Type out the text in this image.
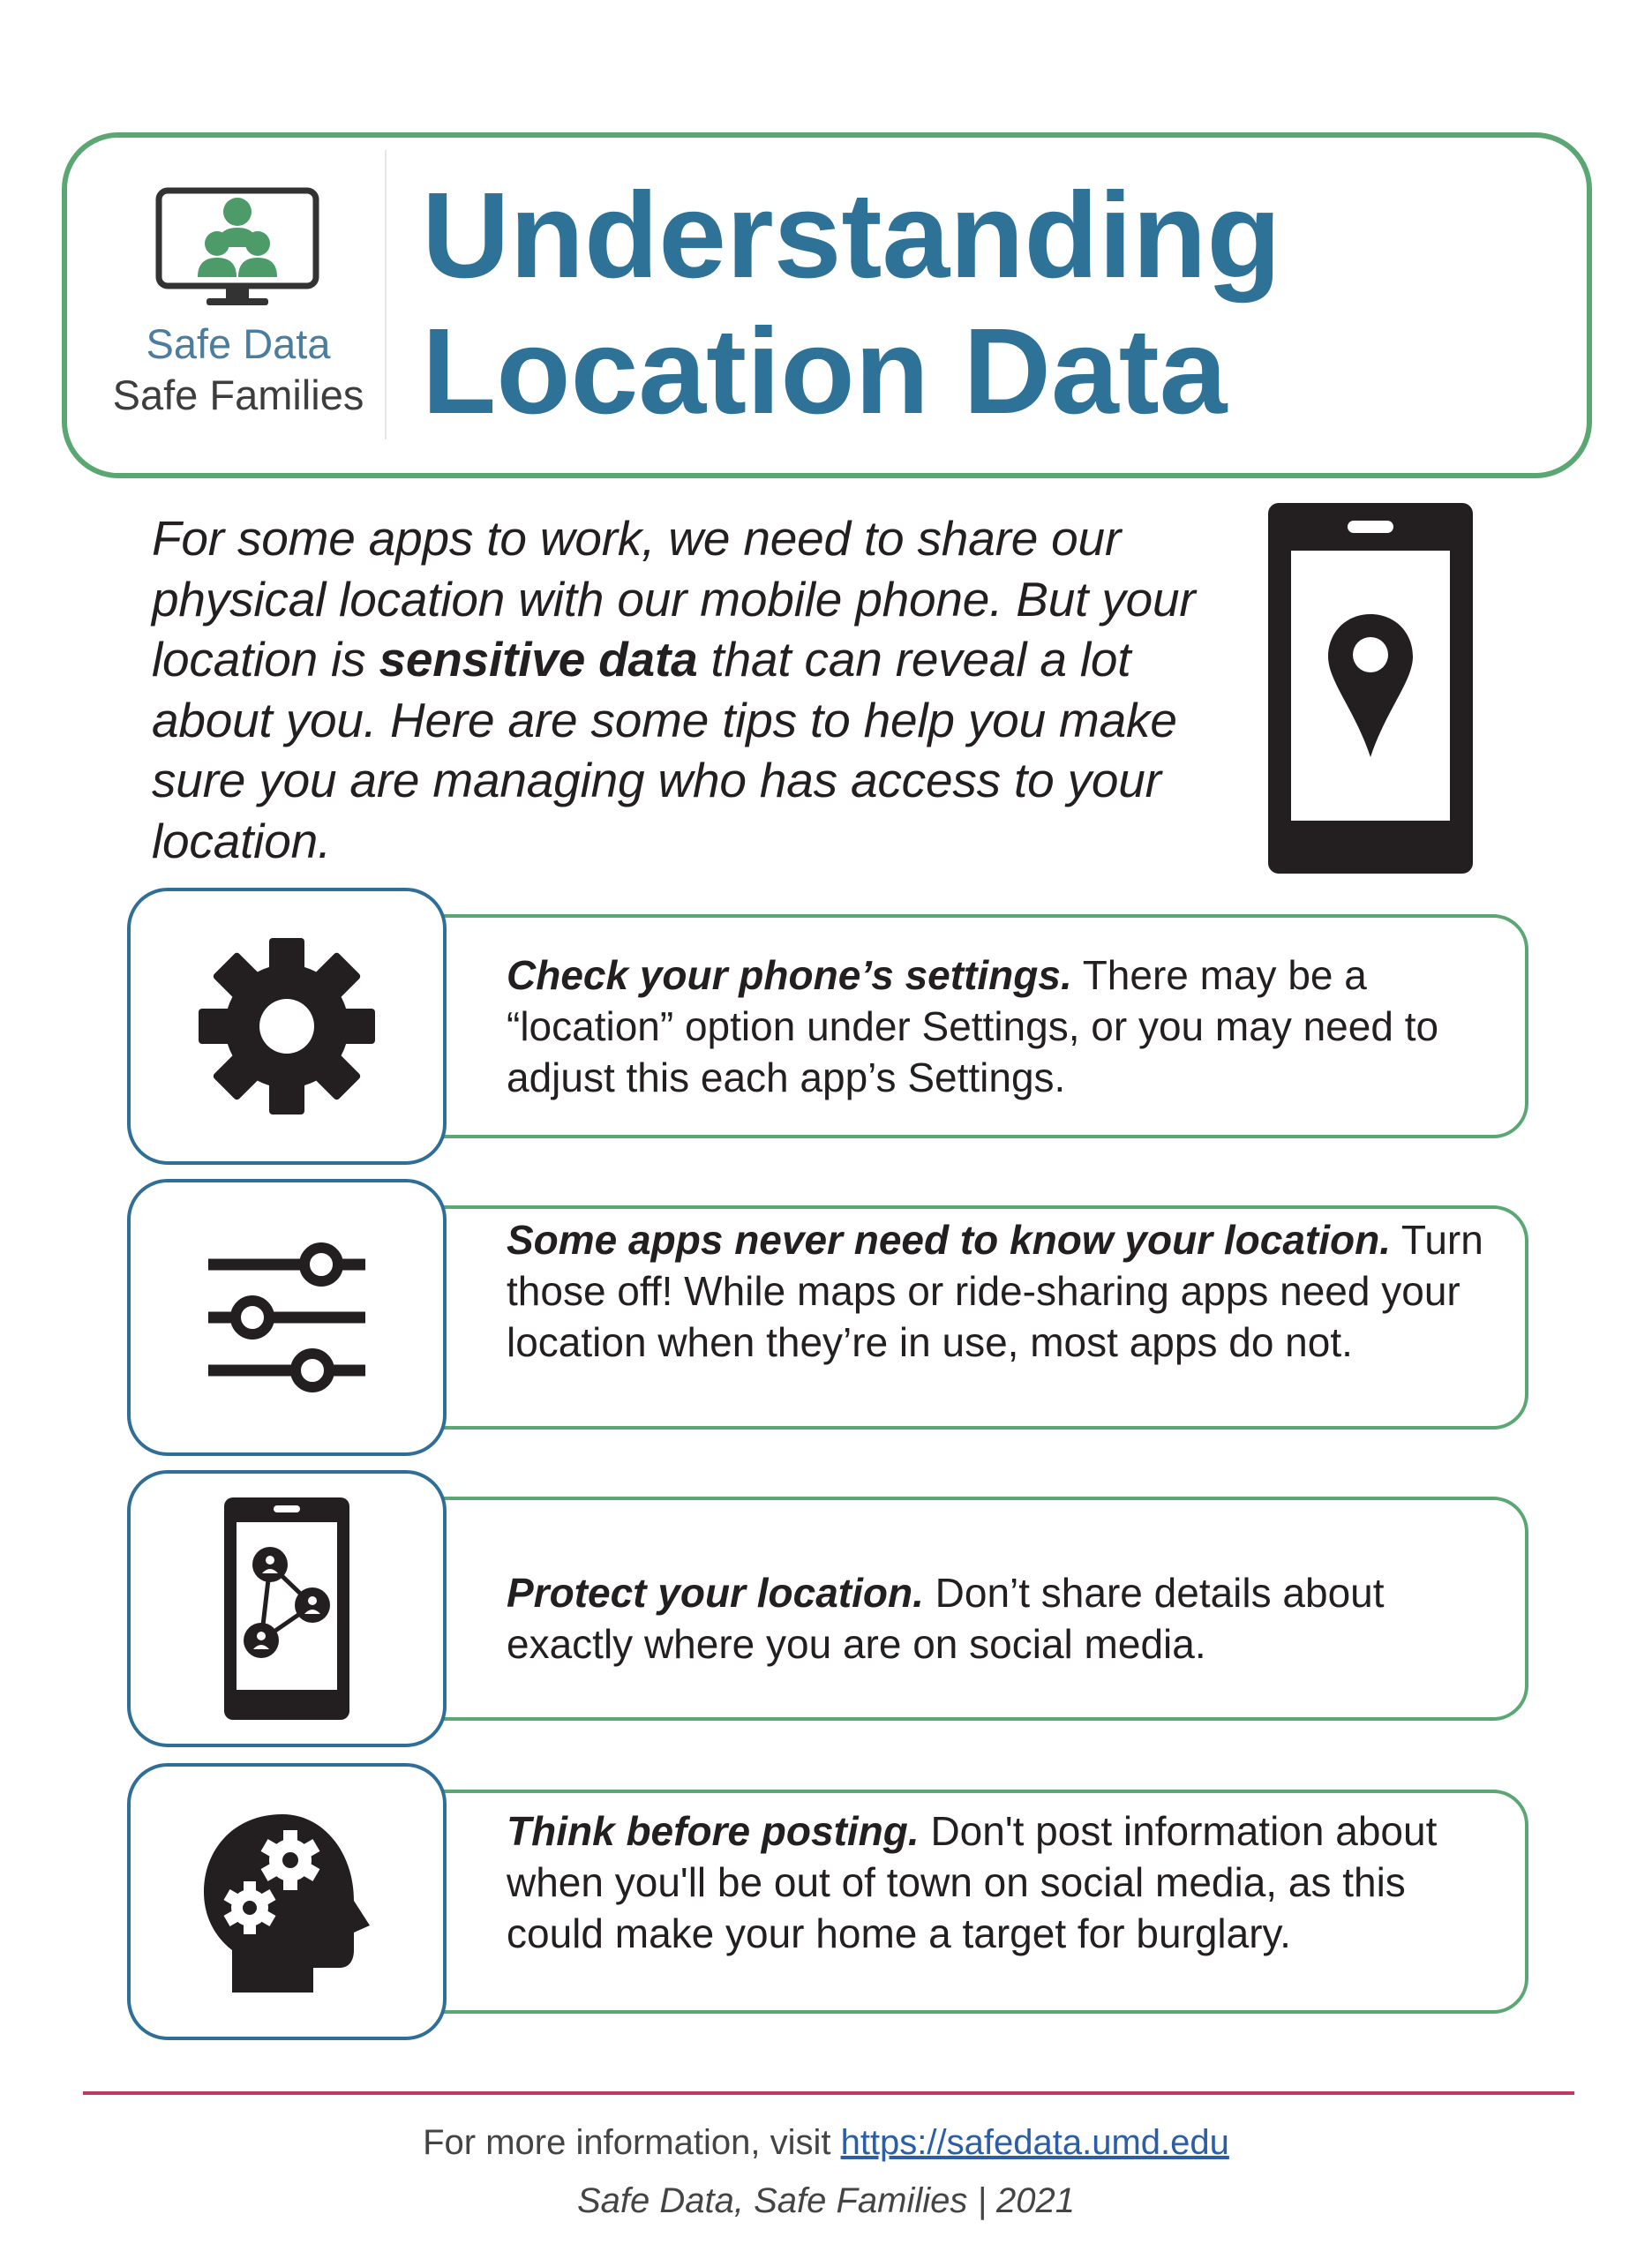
Safe Data
Safe Families
Understanding
Location Data
For some apps to work, we need to share our physical location with our mobile phone. But your location is sensitive data that can reveal a lot about you. Here are some tips to help you make sure you are managing who has access to your location.
Check your phone’s settings. There may be a “location” option under Settings, or you may need to adjust this each app’s Settings.
Some apps never need to know your location. Turn those off! While maps or ride-sharing apps need your location when they’re in use, most apps do not.
Protect your location. Don’t share details about exactly where you are on social media.
Think before posting. Don't post information about when you'll be out of town on social media, as this could make your home a target for burglary.
For more information, visit https://safedata.umd.edu
Safe Data, Safe Families | 2021
